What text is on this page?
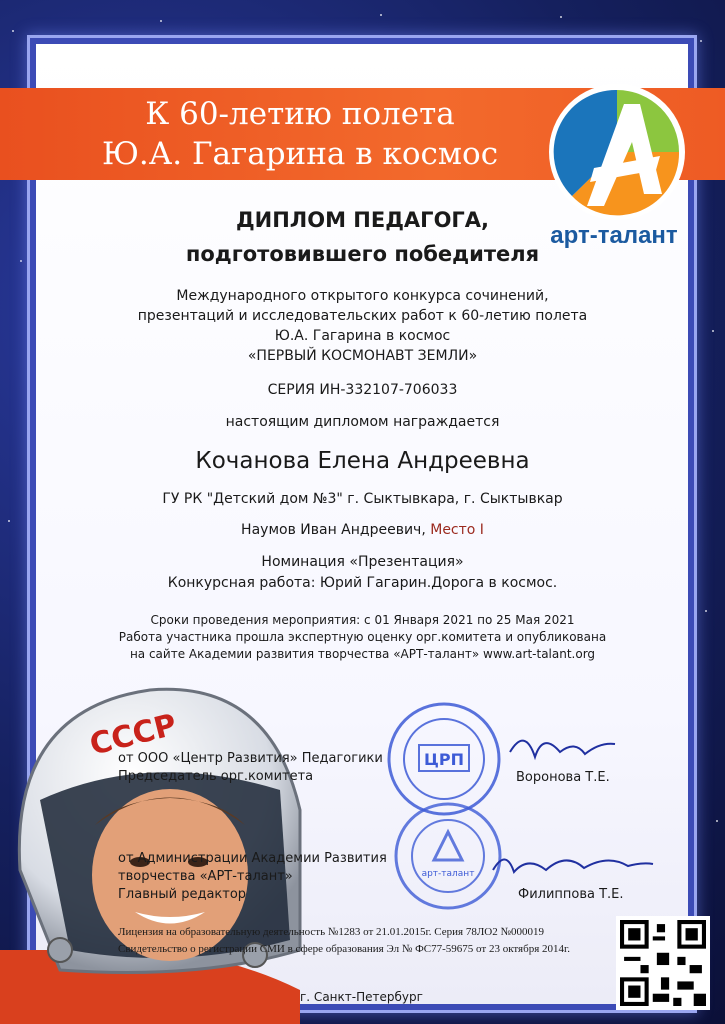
К 60-летию полета
Ю.А. Гагарина в космос
арт-талант
ДИПЛОМ ПЕДАГОГА,
подготовившего победителя
Международного открытого конкурса сочинений,
презентаций и исследовательских работ к 60-летию полета
Ю.А. Гагарина в космос
«ПЕРВЫЙ КОСМОНАВТ ЗЕМЛИ»
СЕРИЯ ИН-332107-706033
настоящим дипломом награждается
Кочанова Елена Андреевна
ГУ РК "Детский дом №3" г. Сыктывкара, г. Сыктывкар
Наумов Иван Андреевич, Место I
Номинация «Презентация»
Конкурсная работа: Юрий Гагарин.Дорога в космос.
Сроки проведения мероприятия: с 01 Января 2021 по 25 Мая 2021
Работа участника прошла экспертную оценку орг.комитета и опубликована
на сайте Академии развития творчества «АРТ-талант» www.art-talant.org
СССР
от ООО «Центр Развития» Педагогики
Председатель орг.комитета	Воронова Т.Е.
от Администрации Академии Развития
творчества «АРТ-талант»
Главный редактор	Филиппова Т.Е.
ЦРП
арт-талант
Лицензия на образовательную деятельность №1283 от 21.01.2015г. Серия 78ЛО2 №000019
Свидетельство о регистрации СМИ в сфере образования Эл № ФС77-59675 от 23 октября 2014г.
г. Санкт-Петербург
